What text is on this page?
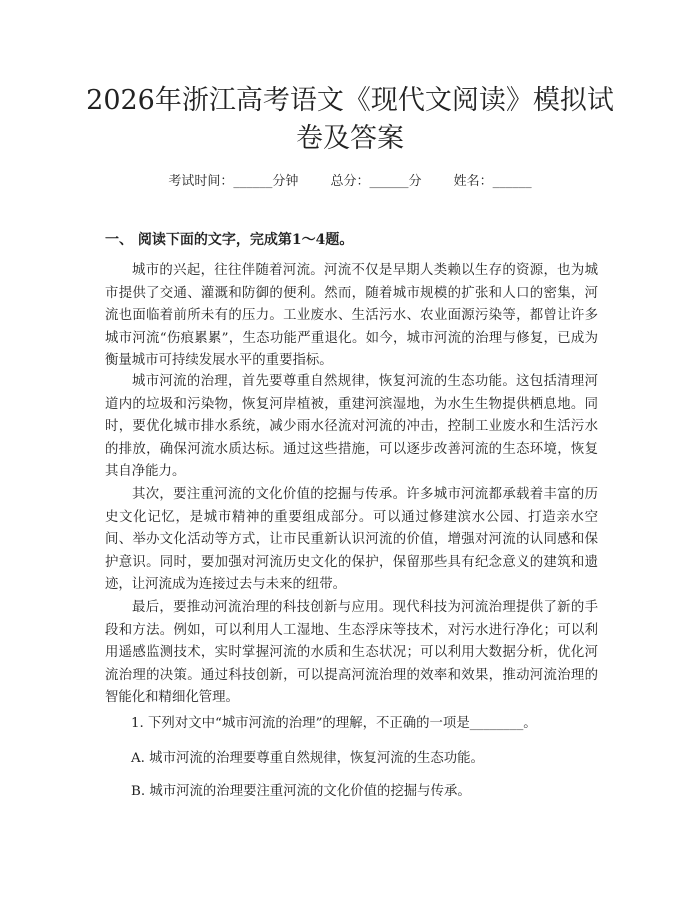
2026年浙江高考语文《现代文阅读》模拟试
卷及答案
考试时间：______分钟 总分：______分 姓名：______
一、 阅读下面的文字，完成第1～4题。

城市的兴起，往往伴随着河流。河流不仅是早期人类赖以生存的资源，也为城市提供了交通、灌溉和防御的便利。然而，随着城市规模的扩张和人口的密集，河流也面临着前所未有的压力。工业废水、生活污水、农业面源污染等，都曾让许多城市河流“伤痕累累”，生态功能严重退化。如今，城市河流的治理与修复，已成为衡量城市可持续发展水平的重要指标。

城市河流的治理，首先要尊重自然规律，恢复河流的生态功能。这包括清理河道内的垃圾和污染物，恢复河岸植被，重建河滨湿地，为水生生物提供栖息地。同时，要优化城市排水系统，减少雨水径流对河流的冲击，控制工业废水和生活污水的排放，确保河流水质达标。通过这些措施，可以逐步改善河流的生态环境，恢复其自净能力。

其次，要注重河流的文化价值的挖掘与传承。许多城市河流都承载着丰富的历史文化记忆，是城市精神的重要组成部分。可以通过修建滨水公园、打造亲水空间、举办文化活动等方式，让市民重新认识河流的价值，增强对河流的认同感和保护意识。同时，要加强对河流历史文化的保护，保留那些具有纪念意义的建筑和遗迹，让河流成为连接过去与未来的纽带。

最后，要推动河流治理的科技创新与应用。现代科技为河流治理提供了新的手段和方法。例如，可以利用人工湿地、生态浮床等技术，对污水进行净化；可以利用遥感监测技术，实时掌握河流的水质和生态状况；可以利用大数据分析，优化河流治理的决策。通过科技创新，可以提高河流治理的效率和效果，推动河流治理的智能化和精细化管理。

1. 下列对文中“城市河流的治理”的理解，不正确的一项是________。
A. 城市河流的治理要尊重自然规律，恢复河流的生态功能。
B. 城市河流的治理要注重河流的文化价值的挖掘与传承。
